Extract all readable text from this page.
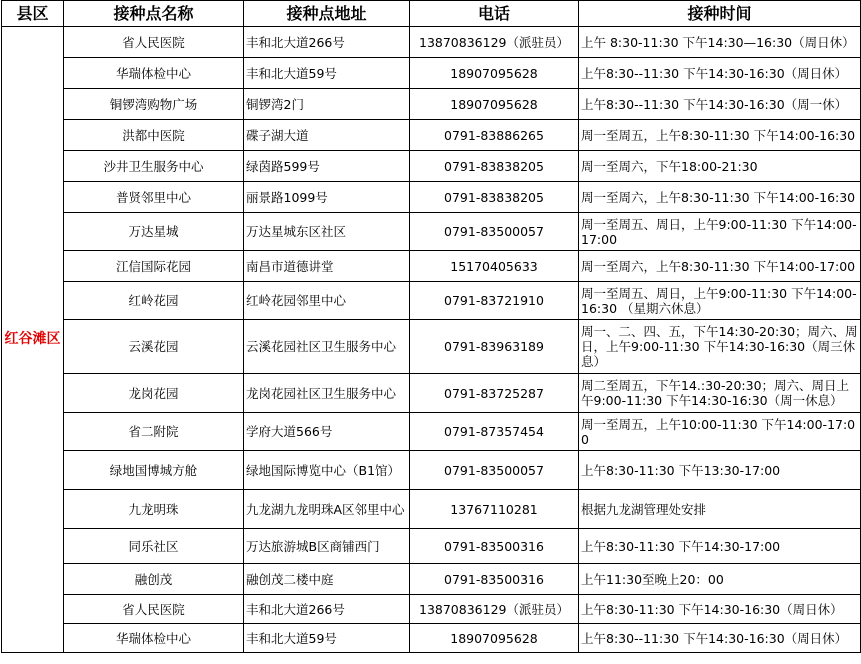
县区	接种点名称	接种点地址	电话	接种时间
红谷滩区	省人民医院	丰和北大道266号	13870836129（派驻员）	上午 8:30-11:30 下午14:30—16:30（周日休）
	华瑞体检中心	丰和北大道59号	18907095628	上午8:30--11:30 下午14:30-16:30（周日休）
	铜锣湾购物广场	铜锣湾2门	18907095628	上午8:30--11:30 下午14:30-16:30（周一休）
	洪都中医院	碟子湖大道	0791-83886265	周一至周五，上午8:30-11:30 下午14:00-16:30
	沙井卫生服务中心	绿茵路599号	0791-83838205	周一至周六，下午18:00-21:30
	普贤邻里中心	丽景路1099号	0791-83838205	周一至周六，上午8:30-11:30 下午14:00-16:30
	万达星城	万达星城东区社区	0791-83500057	周一至周五、周日，上午9:00-11:30 下午14:00-17:00
	江信国际花园	南昌市道德讲堂	15170405633	周一至周六，上午8:30-11:30 下午14:00-17:00
	红岭花园	红岭花园邻里中心	0791-83721910	周一至周五、周日，上午9:00-11:30 下午14:00-16:30 （星期六休息）
	云溪花园	云溪花园社区卫生服务中心	0791-83963189	周一、二、四、五，下午14:30-20:30；周六、周日，上午9:00-11:30 下午14:30-16:30（周三休息）
	龙岗花园	龙岗花园社区卫生服务中心	0791-83725287	周二至周五，下午14.:30-20:30；周六、周日上午9:00-11:30 下午14:30-16:30（周一休息）
	省二附院	学府大道566号	0791-87357454	周一至周五，上午10:00-11:30 下午14:00-17:00
	绿地国博城方舱	绿地国际博览中心（B1馆）	0791-83500057	上午8:30-11:30 下午13:30-17:00
	九龙明珠	九龙湖九龙明珠A区邻里中心	13767110281	根据九龙湖管理处安排
	同乐社区	万达旅游城B区商铺西门	0791-83500316	上午8:30-11:30 下午14:30-17:00
	融创茂	融创茂二楼中庭	0791-83500316	上午11:30至晚上20：00
	省人民医院	丰和北大道266号	13870836129（派驻员）	上午8:30-11:30 下午14:30-16:30（周日休）
	华瑞体检中心	丰和北大道59号	18907095628	上午8:30--11:30 下午14:30-16:30（周日休）
